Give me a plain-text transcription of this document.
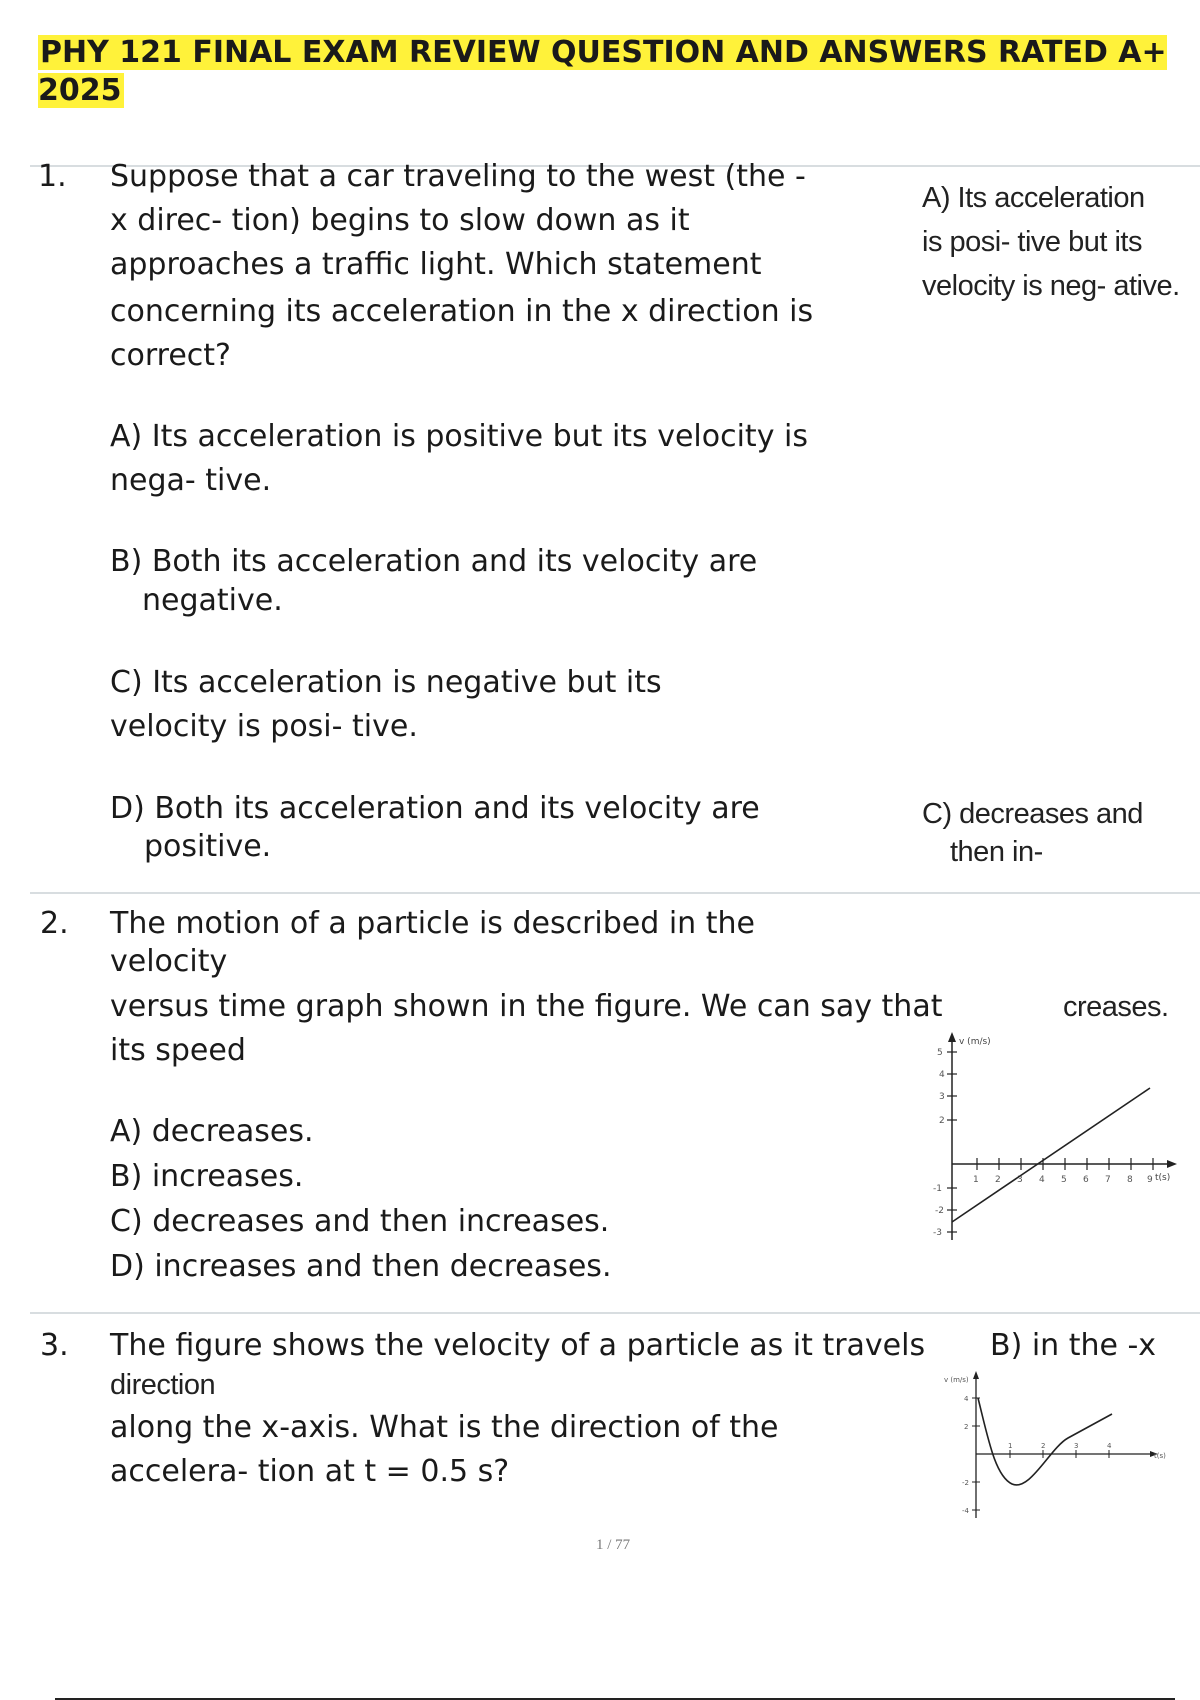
PHY 121 FINAL EXAM REVIEW QUESTION AND ANSWERS RATED A+ 2025
1. Suppose that a car traveling to the west (the -
x direc- tion) begins to slow down as it
approaches a traffic light. Which statement
concerning its acceleration in the x direction is
correct?
A) Its acceleration
is posi- tive but its
velocity is neg- ative.
A) Its acceleration is positive but its velocity is
nega- tive.
B) Both its acceleration and its velocity are
negative.
C) Its acceleration is negative but its
velocity is posi- tive.
D) Both its acceleration and its velocity are
positive.
C) decreases and
then in-
2. The motion of a particle is described in the
velocity
versus time graph shown in the figure. We can say that	creases.
its speed
A) decreases.
B) increases.
C) decreases and then increases.
D) increases and then decreases.
v (m/s)
t(s)
5
4
3
2
-1
-2
-3
1 2 3 4 5 6 7 8 9
3. The figure shows the velocity of a particle as it travels B) in the -x
direction
along the x-axis. What is the direction of the
accelera- tion at t = 0.5 s?
v (m/s)
t(s)
4
2
-2
-4
1	2	3	4
1 / 77
